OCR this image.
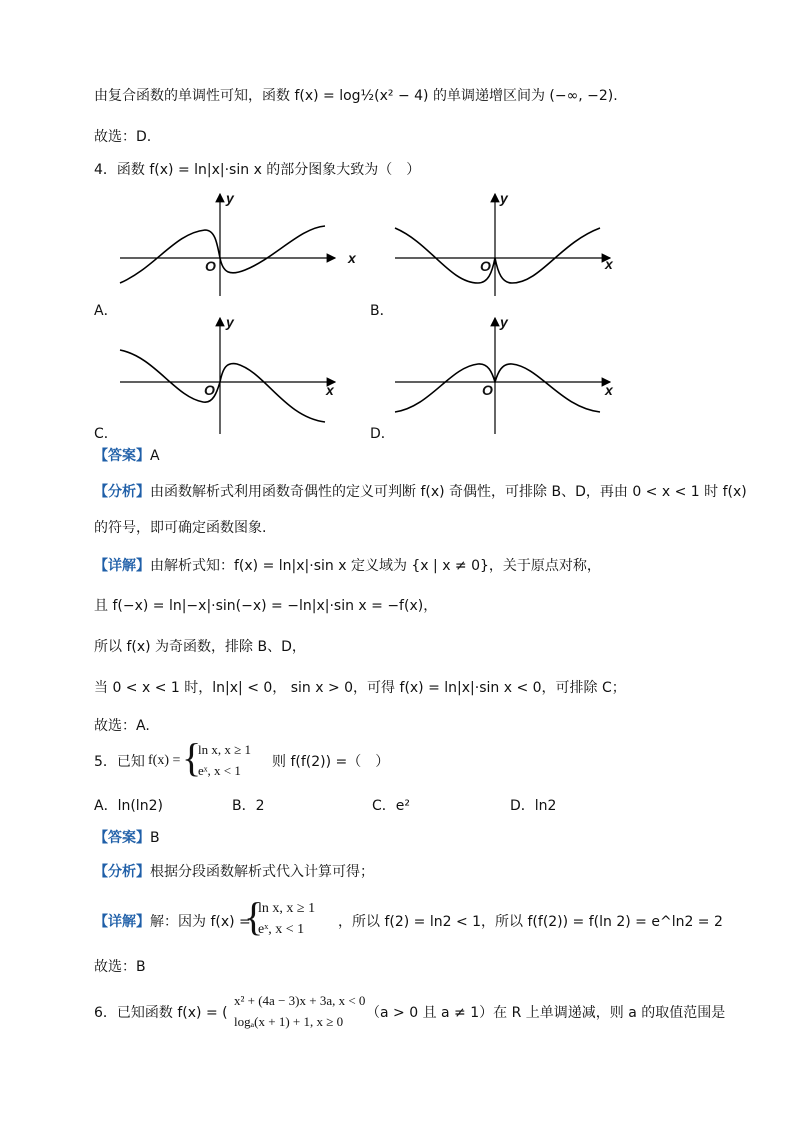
由复合函数的单调性可知，函数 f(x) = log½(x² − 4) 的单调递增区间为 (−∞, −2).
故选：D.
4．函数 f(x) = ln|x|·sin x 的部分图象大致为（　）
x
y
O
A．
x
y
O
B．
x
y
O
C．
x
y
O
D．
【答案】A
【分析】由函数解析式利用函数奇偶性的定义可判断 f(x) 奇偶性，可排除 B、D，再由 0 < x < 1 时 f(x)
的符号，即可确定函数图象.
【详解】由解析式知：f(x) = ln|x|·sin x 定义域为 {x | x ≠ 0}，关于原点对称，
且 f(−x) = ln|−x|·sin(−x) = −ln|x|·sin x = −f(x)，
所以 f(x) 为奇函数，排除 B、D，
当 0 < x < 1 时，ln|x| < 0， sin x > 0，可得 f(x) = ln|x|·sin x < 0，可排除 C；
故选：A.
5．已知 f(x) = {
ln x, x ≥ 1
eˣ, x < 1
则 f(f(2)) =（　）
A．ln(ln2)	B．2	C．e²	D．ln2
【答案】B
【分析】根据分段函数解析式代入计算可得；
【详解】解：因为 f(x) =
{
ln x, x ≥ 1
eˣ, x < 1 ，所以 f(2) = ln2 < 1，所以 f(f(2)) = f(ln 2) = e^ln2 = 2
故选：B
6．已知函数 f(x) = (
x² + (4a − 3)x + 3a, x < 0
logₐ(x + 1) + 1, x ≥ 0
（a > 0 且 a ≠ 1）在 R 上单调递减，则 a 的取值范围是
